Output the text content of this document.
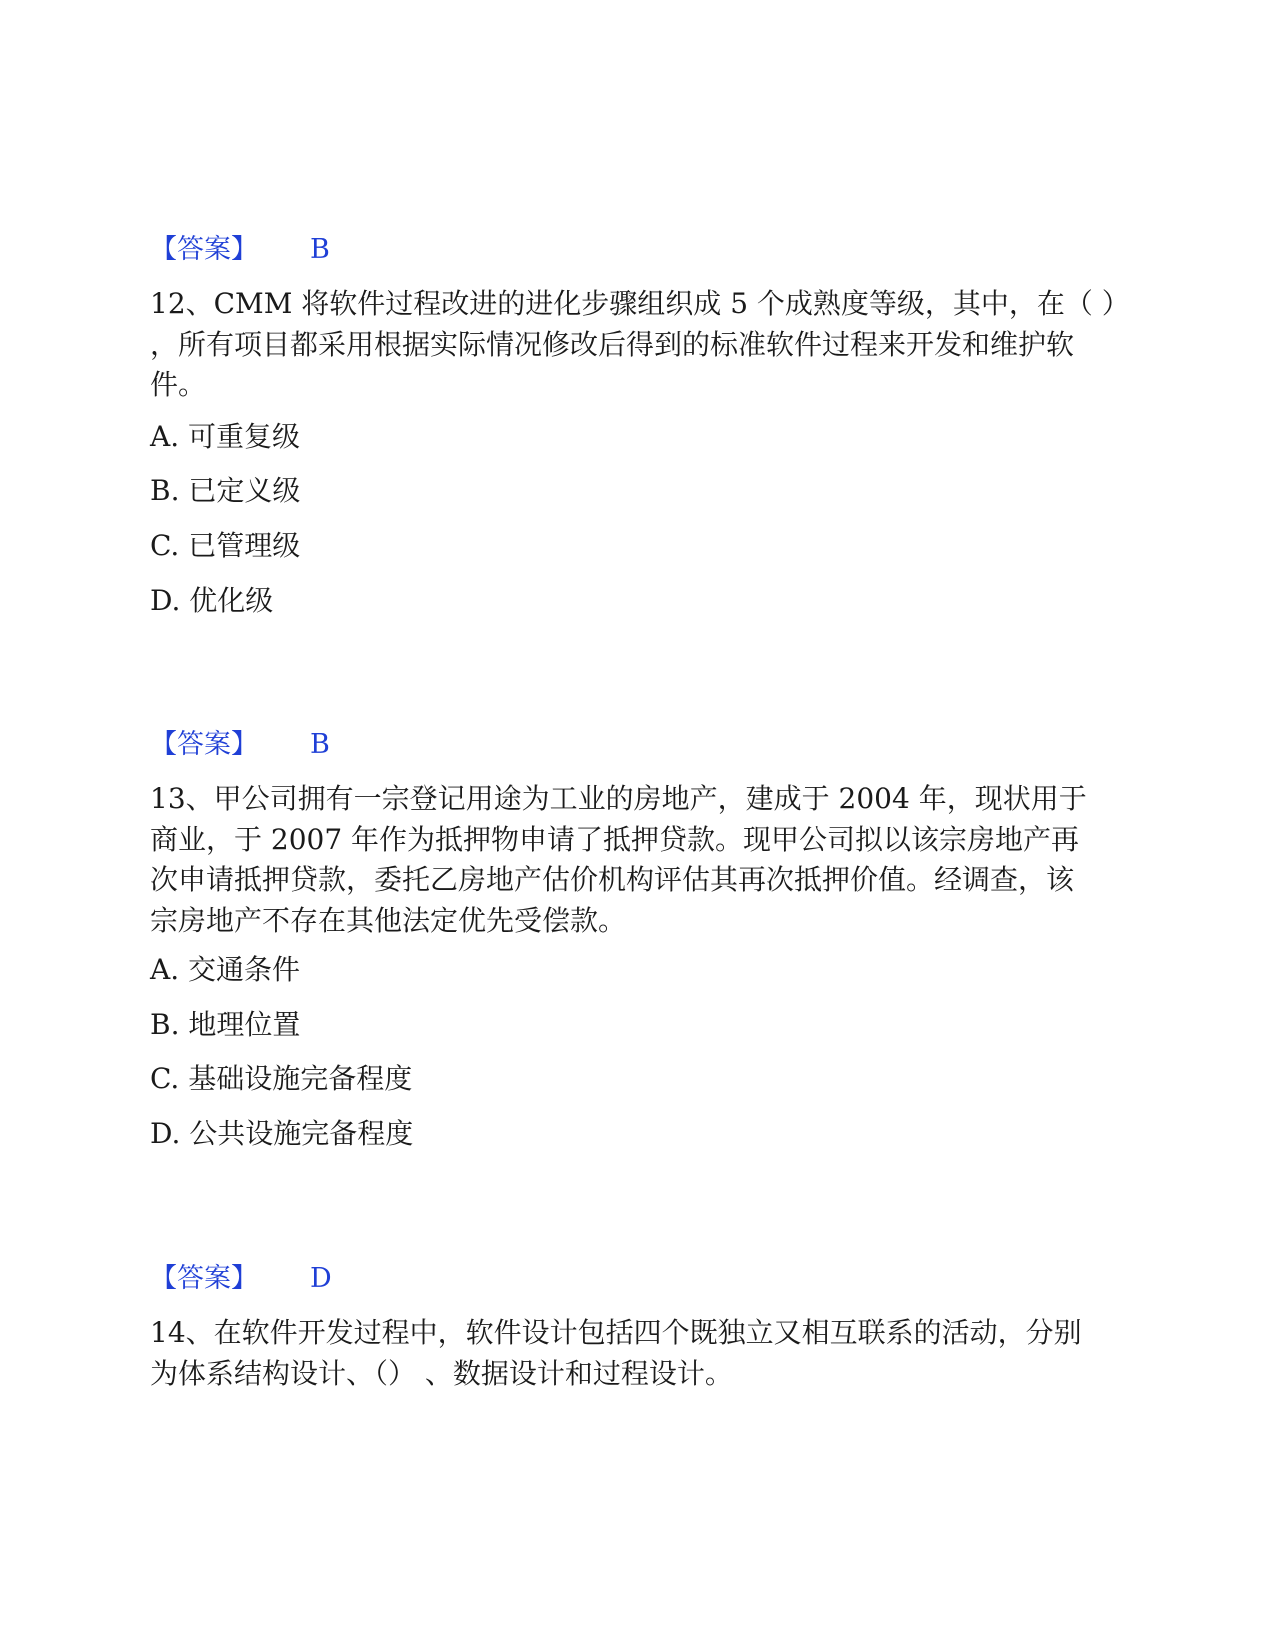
【答案】 B
12、CMM 将软件过程改进的进化步骤组织成 5 个成熟度等级，其中，在（ ）
，所有项目都采用根据实际情况修改后得到的标准软件过程来开发和维护软
件。
A. 可重复级
B. 已定义级
C. 已管理级
D. 优化级
【答案】 B
13、甲公司拥有一宗登记用途为工业的房地产，建成于 2004 年，现状用于
商业，于 2007 年作为抵押物申请了抵押贷款。现甲公司拟以该宗房地产再
次申请抵押贷款，委托乙房地产估价机构评估其再次抵押价值。经调查，该
宗房地产不存在其他法定优先受偿款。
A. 交通条件
B. 地理位置
C. 基础设施完备程度
D. 公共设施完备程度
【答案】 D
14、在软件开发过程中，软件设计包括四个既独立又相互联系的活动，分别
为体系结构设计、（） 、数据设计和过程设计。
